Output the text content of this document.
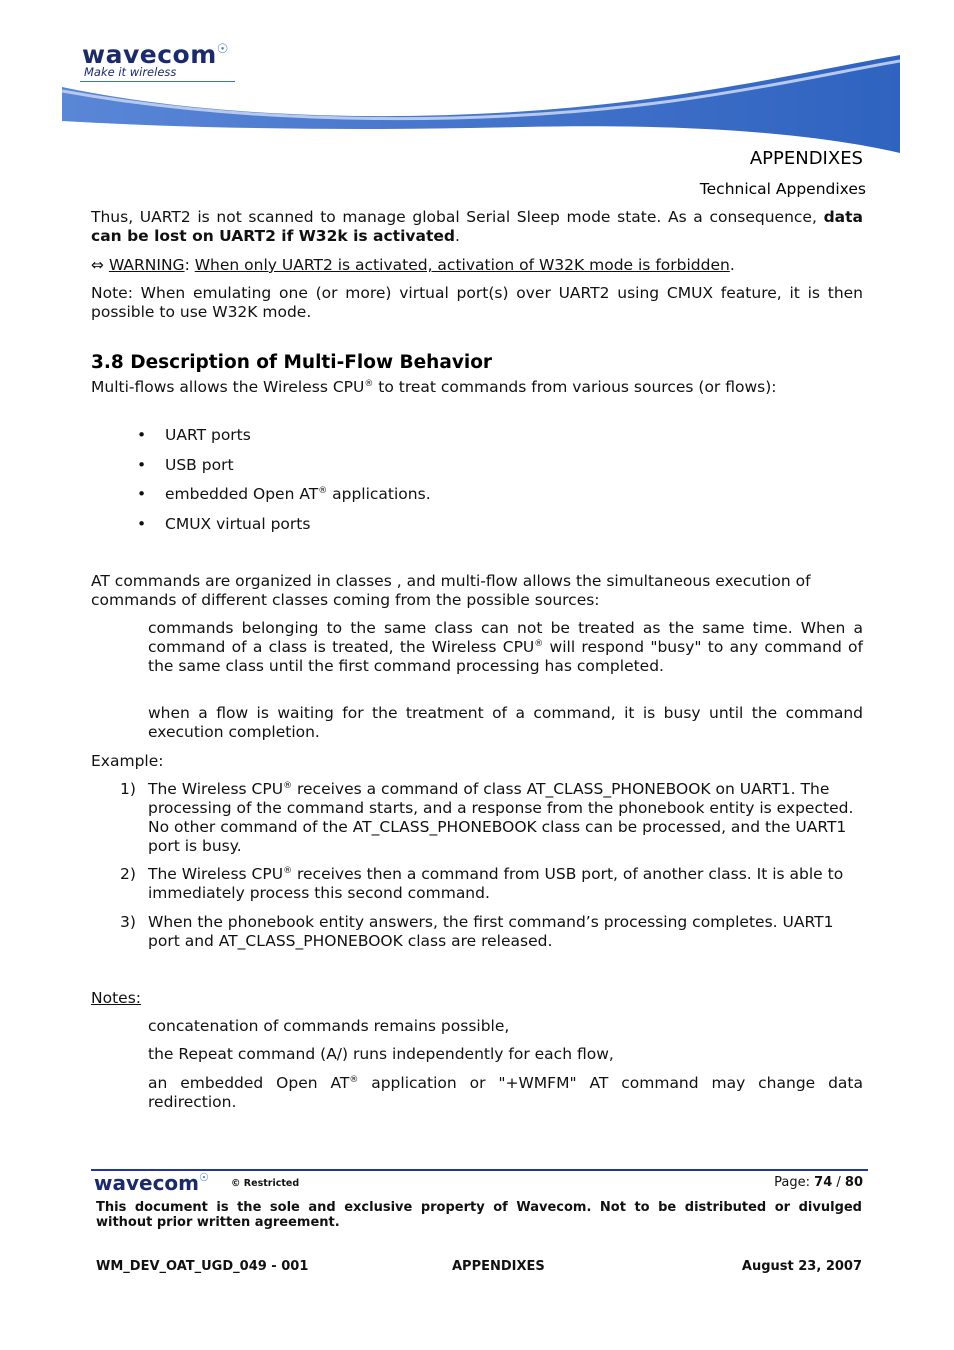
wavecom☉
Make it wireless
APPENDIXES
Technical Appendixes
Thus, UART2 is not scanned to manage global Serial Sleep mode state. As a consequence, data can be lost on UART2 if W32k is activated.
⇔ WARNING: When only UART2 is activated, activation of W32K mode is forbidden.
Note: When emulating one (or more) virtual port(s) over UART2 using CMUX feature, it is then possible to use W32K mode.
3.8 Description of Multi-Flow Behavior
Multi-flows allows the Wireless CPU® to treat commands from various sources (or flows):
• UART ports
• USB port
• embedded Open AT® applications.
• CMUX virtual ports
AT commands are organized in classes , and multi-flow allows the simultaneous execution of commands of different classes coming from the possible sources:
commands belonging to the same class can not be treated as the same time. When a command of a class is treated, the Wireless CPU® will respond "busy" to any command of the same class until the first command processing has completed.
when a flow is waiting for the treatment of a command, it is busy until the command execution completion.
Example:
1) The Wireless CPU® receives a command of class AT_CLASS_PHONEBOOK on UART1. The processing of the command starts, and a response from the phonebook entity is expected. No other command of the AT_CLASS_PHONEBOOK class can be processed, and the UART1 port is busy.
2) The Wireless CPU® receives then a command from USB port, of another class. It is able to immediately process this second command.
3) When the phonebook entity answers, the first command’s processing completes. UART1 port and AT_CLASS_PHONEBOOK class are released.
Notes:
concatenation of commands remains possible,
the Repeat command (A/) runs independently for each flow,
an embedded Open AT® application or "+WMFM" AT command may change data redirection.
wavecom☉ © Restricted	Page: 74 / 80
This document is the sole and exclusive property of Wavecom. Not to be distributed or divulged without prior written agreement.
WM_DEV_OAT_UGD_049 - 001	APPENDIXES	August 23, 2007
